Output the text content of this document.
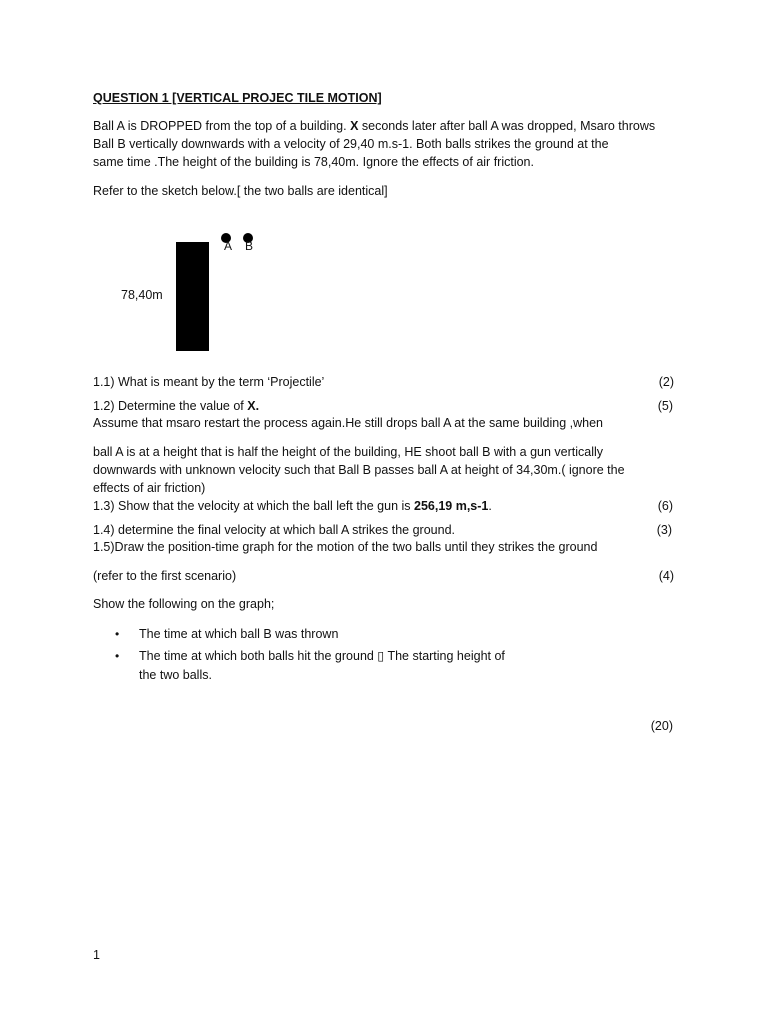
QUESTION 1 [VERTICAL PROJEC TILE MOTION]
Ball A is DROPPED from the top of a building. X seconds later after ball A was dropped, Msaro throws
Ball B vertically downwards with a velocity of 29,40 m.s-1. Both balls strikes the ground at the
same time .The height of the building is 78,40m. Ignore the effects of air friction.
Refer to the sketch below.[ the two balls are identical]
78,40m
A B
1.1) What is meant by the term ‘Projectile’	(2)
1.2) Determine the value of X.	(5)
Assume that msaro restart the process again.He still drops ball A at the same building ,when
ball A is at a height that is half the height of the building, HE shoot ball B with a gun vertically
downwards with unknown velocity such that Ball B passes ball A at height of 34,30m.( ignore the
effects of air friction)
1.3) Show that the velocity at which the ball left the gun is 256,19 m,s-1.	(6)
1.4) determine the final velocity at which ball A strikes the ground.	(3)
1.5)Draw the position-time graph for the motion of the two balls until they strikes the ground
(refer to the first scenario)	(4)
Show the following on the graph;
• The time at which ball B was thrown
• The time at which both balls hit the ground ▯ The starting height of
the two balls.
(20)
1
